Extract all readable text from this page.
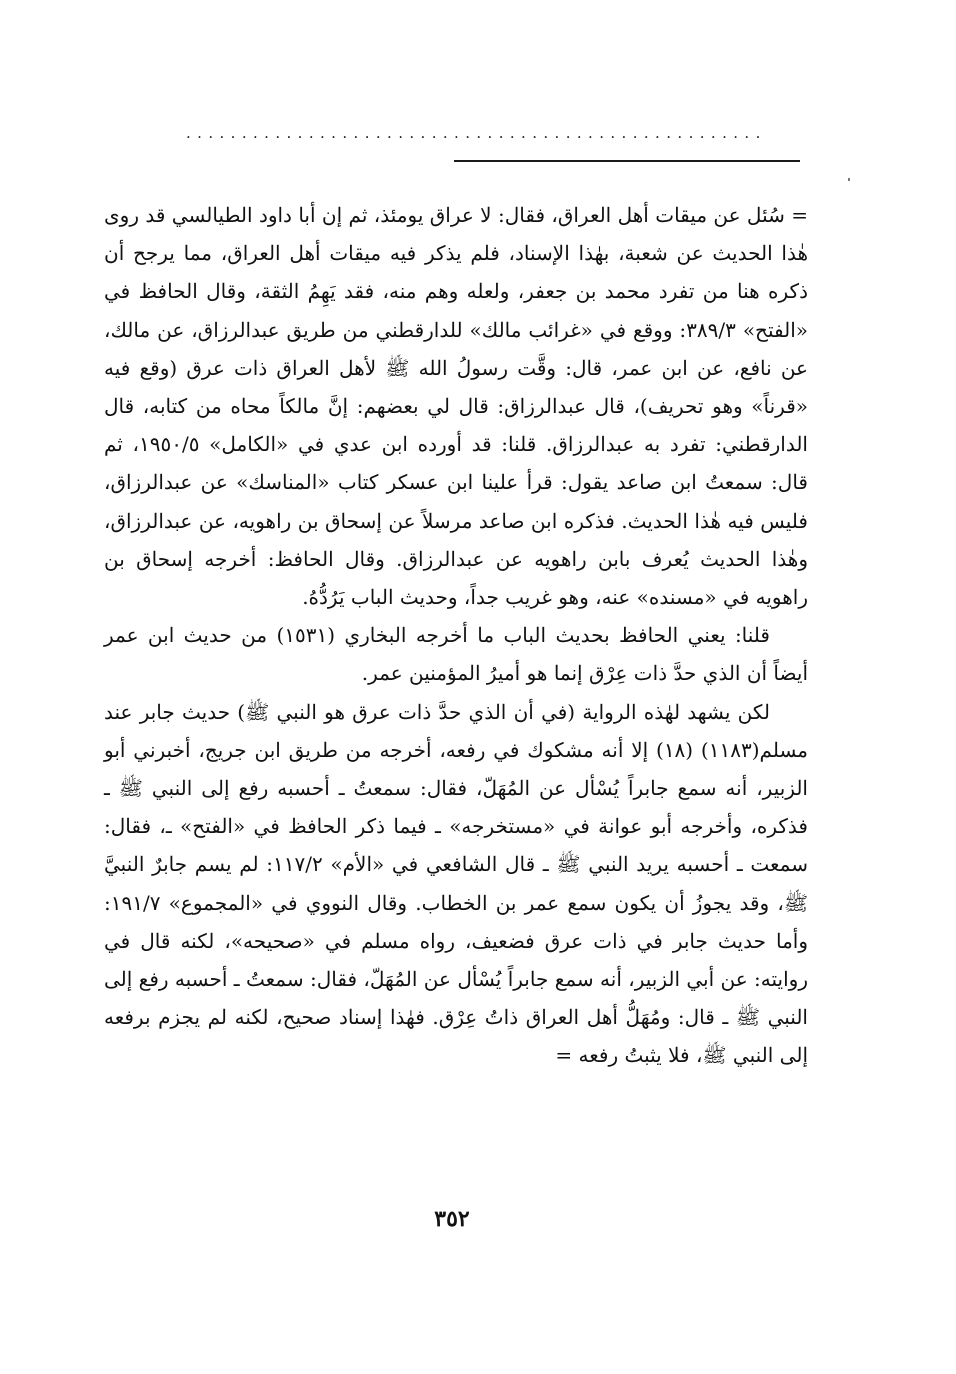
....................................................

= سُئل عن ميقات أهل العراق، فقال: لا عراق يومئذ، ثم إن أبا داود الطيالسي قد روى هٰذا الحديث عن شعبة، بهٰذا الإسناد، فلم يذكر فيه ميقات أهل العراق، مما يرجح أن ذكره هنا من تفرد محمد بن جعفر، ولعله وهم منه، فقد يَهِمُ الثقة، وقال الحافظ في «الفتح» ٣٨٩/٣: ووقع في «غرائب مالك» للدارقطني من طريق عبدالرزاق، عن مالك، عن نافع، عن ابن عمر، قال: وقَّت رسولُ الله ﷺ لأهل العراق ذات عرق (وقع فيه «قرناً» وهو تحريف)، قال عبدالرزاق: قال لي بعضهم: إنَّ مالكاً محاه من كتابه، قال الدارقطني: تفرد به عبدالرزاق. قلنا: قد أورده ابن عدي في «الكامل» ١٩٥٠/٥، ثم قال: سمعتُ ابن صاعد يقول: قرأ علينا ابن عسكر كتاب «المناسك» عن عبدالرزاق، فليس فيه هٰذا الحديث. فذكره ابن صاعد مرسلاً عن إسحاق بن راهويه، عن عبدالرزاق، وهٰذا الحديث يُعرف بابن راهويه عن عبدالرزاق. وقال الحافظ: أخرجه إسحاق بن راهويه في «مسنده» عنه، وهو غريب جداً، وحديث الباب يَرُدُّهُ.

قلنا: يعني الحافظ بحديث الباب ما أخرجه البخاري (١٥٣١) من حديث ابن عمر أيضاً أن الذي حدَّ ذات عِرْق إنما هو أميرُ المؤمنين عمر.

لكن يشهد لهٰذه الرواية (في أن الذي حدَّ ذات عرق هو النبي ﷺ) حديث جابر عند مسلم(١١٨٣) (١٨) إلا أنه مشكوك في رفعه، أخرجه من طريق ابن جريج، أخبرني أبو الزبير، أنه سمع جابراً يُسْأل عن المُهَلّ، فقال: سمعتُ ـ أحسبه رفع إلى النبي ﷺ ـ فذكره، وأخرجه أبو عوانة في «مستخرجه» ـ فيما ذكر الحافظ في «الفتح» ـ، فقال: سمعت ـ أحسبه يريد النبي ﷺ ـ قال الشافعي في «الأم» ١١٧/٢: لم يسم جابرٌ النبيَّ ﷺ، وقد يجوزُ أن يكون سمع عمر بن الخطاب. وقال النووي في «المجموع» ١٩١/٧: وأما حديث جابر في ذات عرق فضعيف، رواه مسلم في «صحيحه»، لكنه قال في روايته: عن أبي الزبير، أنه سمع جابراً يُسْأل عن المُهَلّ، فقال: سمعتُ ـ أحسبه رفع إلى النبي ﷺ ـ قال: ومُهَلُّ أهل العراق ذاتُ عِرْق. فهٰذا إسناد صحيح، لكنه لم يجزم برفعه إلى النبي ﷺ، فلا يثبتُ رفعه =

٣٥٢
